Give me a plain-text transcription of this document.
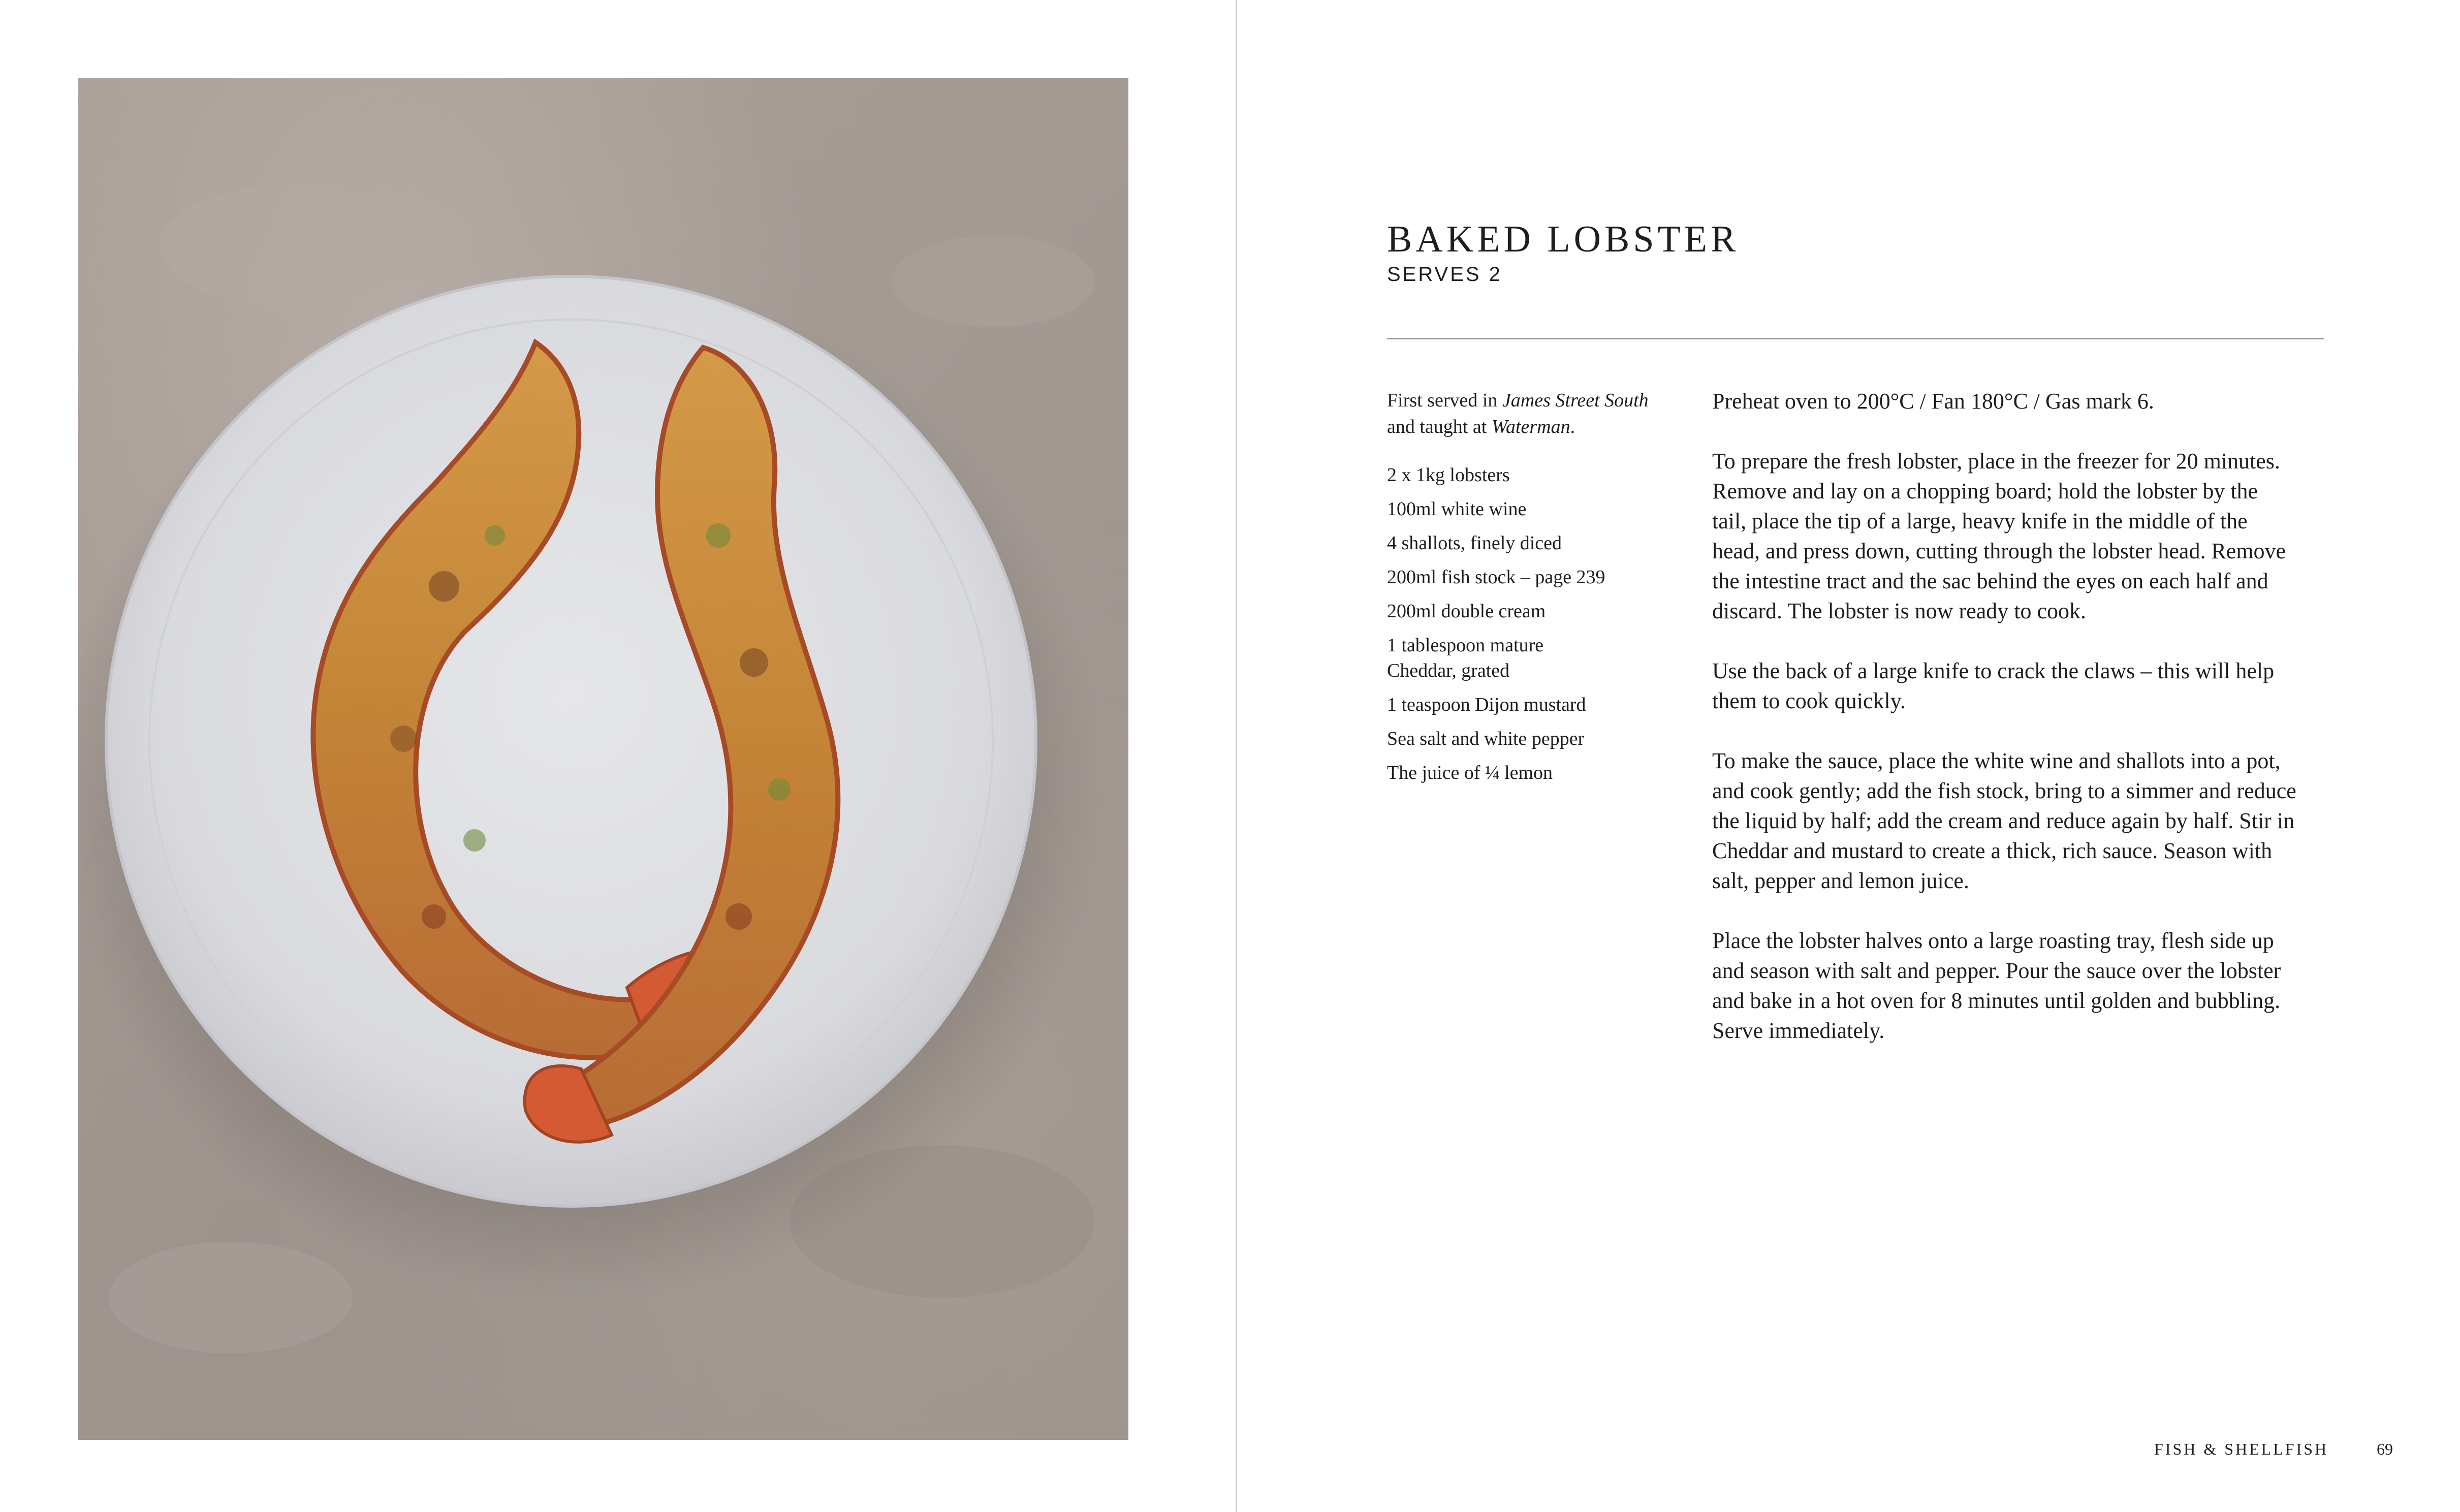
BAKED LOBSTER
SERVES 2
First served in James Street South
and taught at Waterman.
2 x 1kg lobsters
100ml white wine
4 shallots, finely diced
200ml fish stock – page 239
200ml double cream
1 tablespoon mature
Cheddar, grated
1 teaspoon Dijon mustard
Sea salt and white pepper
The juice of ¼ lemon

Preheat oven to 200°C / Fan 180°C / Gas mark 6.

To prepare the fresh lobster, place in the freezer for 20 minutes.
Remove and lay on a chopping board; hold the lobster by the
tail, place the tip of a large, heavy knife in the middle of the
head, and press down, cutting through the lobster head. Remove
the intestine tract and the sac behind the eyes on each half and
discard. The lobster is now ready to cook.

Use the back of a large knife to crack the claws – this will help
them to cook quickly.

To make the sauce, place the white wine and shallots into a pot,
and cook gently; add the fish stock, bring to a simmer and reduce
the liquid by half; add the cream and reduce again by half. Stir in
Cheddar and mustard to create a thick, rich sauce. Season with
salt, pepper and lemon juice.

Place the lobster halves onto a large roasting tray, flesh side up
and season with salt and pepper. Pour the sauce over the lobster
and bake in a hot oven for 8 minutes until golden and bubbling.
Serve immediately.

FISH & SHELLFISH	69
